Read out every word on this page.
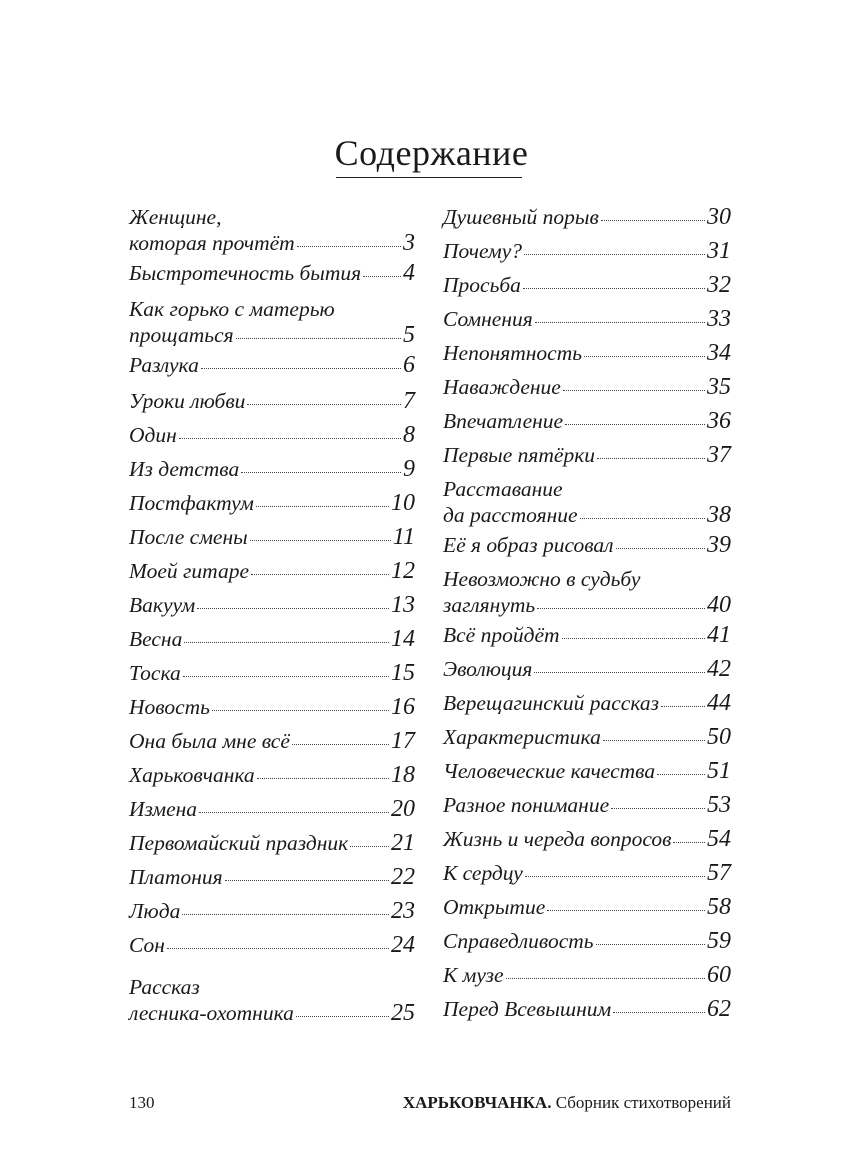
Содержание
Женщине,
которая прочтёт	3
Быстротечность бытия 4
Как горько с матерью
прощаться	5
Разлука	6
Уроки любви	7
Один	8
Из детства	9
Постфактум	10
После смены	11
Моей гитаре	12
Вакуум	13
Весна	14
Тоска	15
Новость	16
Она была мне всё	17
Харьковчанка	18
Измена	20
Первомайский праздник 21
Платония	22
Люда	23
Сон	24
Рассказ
лесника-охотника	25
Душевный порыв	30
Почему?	31
Просьба	32
Сомнения	33
Непонятность	34
Наваждение	35
Впечатление	36
Первые пятёрки	37
Расставание
да расстояние	38
Её я образ рисовал	39
Невозможно в судьбу
заглянуть	40
Всё пройдёт	41
Эволюция	42
Верещагинский рассказ 44
Характеристика	50
Человеческие качества 51
Разное понимание	53
Жизнь и череда вопросов 54
К сердцу	57
Открытие	58
Справедливость	59
К музе	60
Перед Всевышним	62
130	ХАРЬКОВЧАНКА. Сборник стихотворений
